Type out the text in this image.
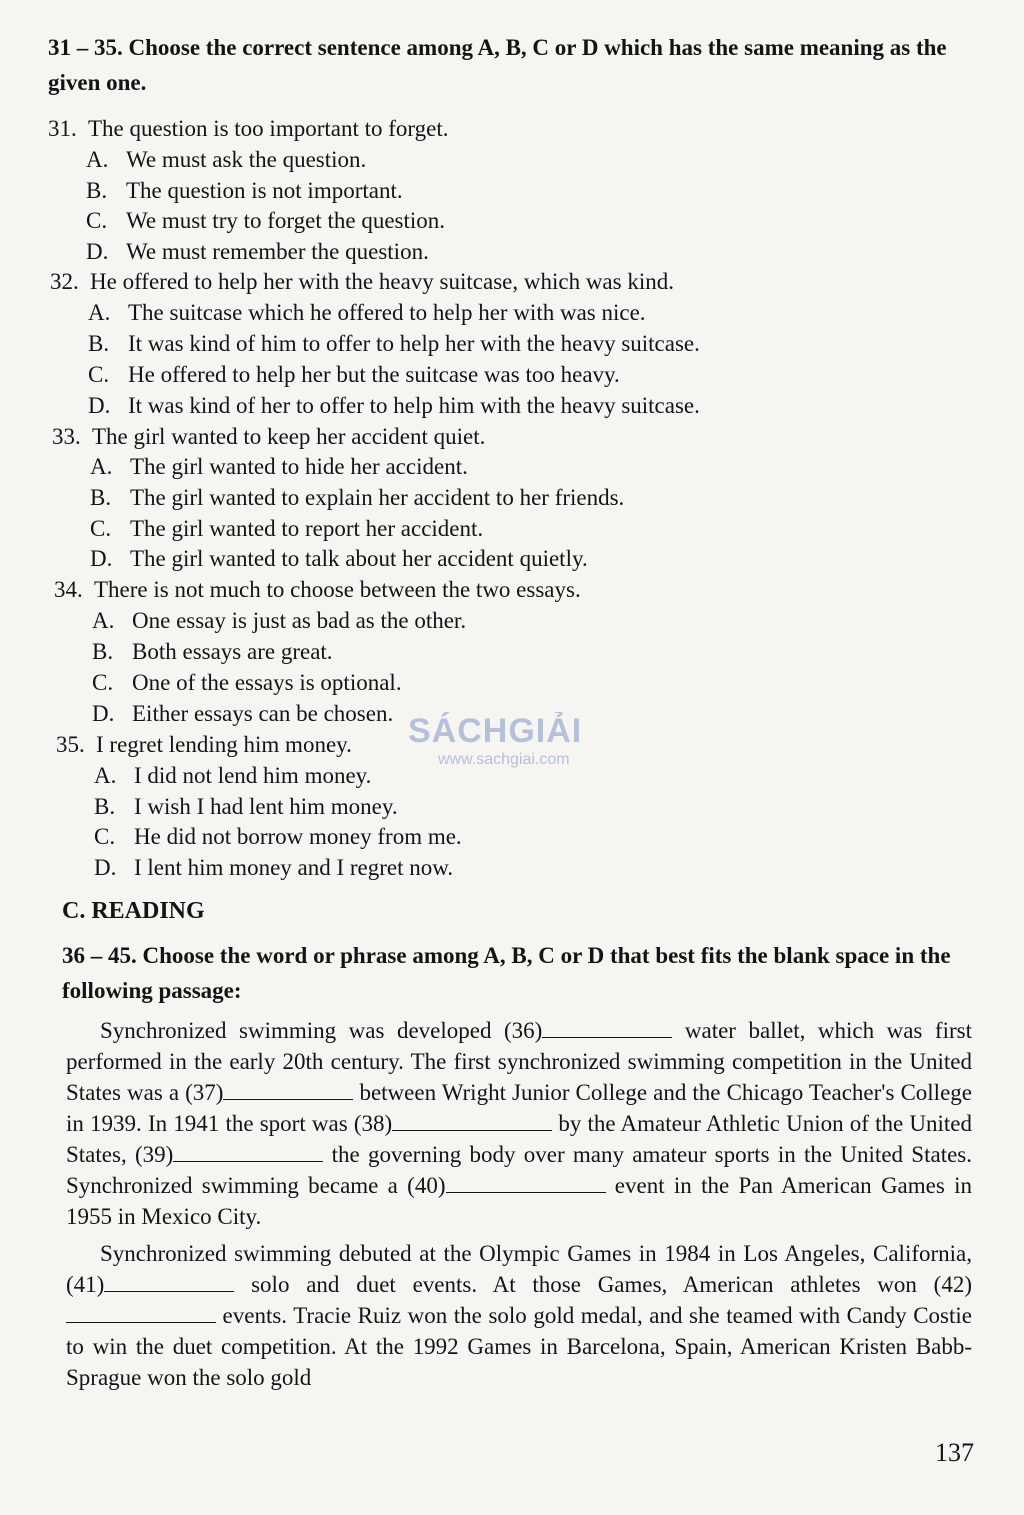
31 – 35. Choose the correct sentence among A, B, C or D which has the same meaning as the given one.
31. The question is too important to forget.
A. We must ask the question.
B. The question is not important.
C. We must try to forget the question.
D. We must remember the question.
32. He offered to help her with the heavy suitcase, which was kind.
A. The suitcase which he offered to help her with was nice.
B. It was kind of him to offer to help her with the heavy suitcase.
C. He offered to help her but the suitcase was too heavy.
D. It was kind of her to offer to help him with the heavy suitcase.
33. The girl wanted to keep her accident quiet.
A. The girl wanted to hide her accident.
B. The girl wanted to explain her accident to her friends.
C. The girl wanted to report her accident.
D. The girl wanted to talk about her accident quietly.
34. There is not much to choose between the two essays.
A. One essay is just as bad as the other.
B. Both essays are great.
C. One of the essays is optional.
D. Either essays can be chosen.
35. I regret lending him money.
A. I did not lend him money.
B. I wish I had lent him money.
C. He did not borrow money from me.
D. I lent him money and I regret now.
SÁCHGIẢI
www.sachgiai.com
C. READING
36 – 45. Choose the word or phrase among A, B, C or D that best fits the blank space in the following passage:

Synchronized swimming was developed (36)	water ballet, which was first performed in the early 20th century. The first synchronized swimming competition in the United States was a (37)	between Wright Junior College and the Chicago Teacher's College in 1939. In 1941 the sport was (38)	by the Amateur Athletic Union of the United States, (39)	the governing body over many amateur sports in the United States. Synchronized swimming became a (40)	event in the Pan American Games in 1955 in Mexico City.

Synchronized swimming debuted at the Olympic Games in 1984 in Los Angeles, California, (41)	solo and duet events. At those Games, American athletes won (42) events. Tracie Ruiz won the solo gold medal, and she teamed with Candy Costie to win the duet competition. At the 1992 Games in Barcelona, Spain, American Kristen Babb-Sprague won the solo gold

137
